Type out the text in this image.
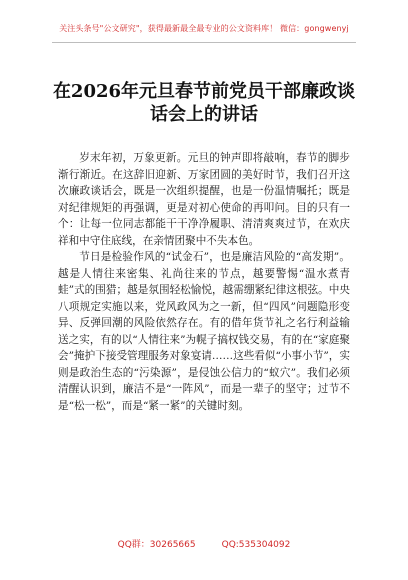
关注头条号"公文研究"，获得最新最全最专业的公文资料库！ 微信：gongwenyj
在2026年元旦春节前党员干部廉政谈话会上的讲话

岁末年初，万象更新。元旦的钟声即将敲响，春节的脚步渐行渐近。在这辞旧迎新、万家团圆的美好时节，我们召开这次廉政谈话会，既是一次组织提醒，也是一份温情嘱托；既是对纪律规矩的再强调，更是对初心使命的再叩问。目的只有一个：让每一位同志都能干干净净履职、清清爽爽过节，在欢庆祥和中守住底线，在亲情团聚中不失本色。

节日是检验作风的“试金石”，也是廉洁风险的“高发期”。越是人情往来密集、礼尚往来的节点，越要警惕“温水煮青蛙”式的围猎；越是氛围轻松愉悦，越需绷紧纪律这根弦。中央八项规定实施以来，党风政风为之一新，但“四风”问题隐形变异、反弹回潮的风险依然存在。有的借年货节礼之名行利益输送之实，有的以“人情往来”为幌子搞权钱交易，有的在“家庭聚会”掩护下接受管理服务对象宴请……这些看似“小事小节”，实则是政治生态的“污染源”，是侵蚀公信力的“蚁穴”。我们必须清醒认识到，廉洁不是“一阵风”，而是一辈子的坚守；过节不是“松一松”，而是“紧一紧”的关键时刻。

QQ群：30265665	QQ:535304092
